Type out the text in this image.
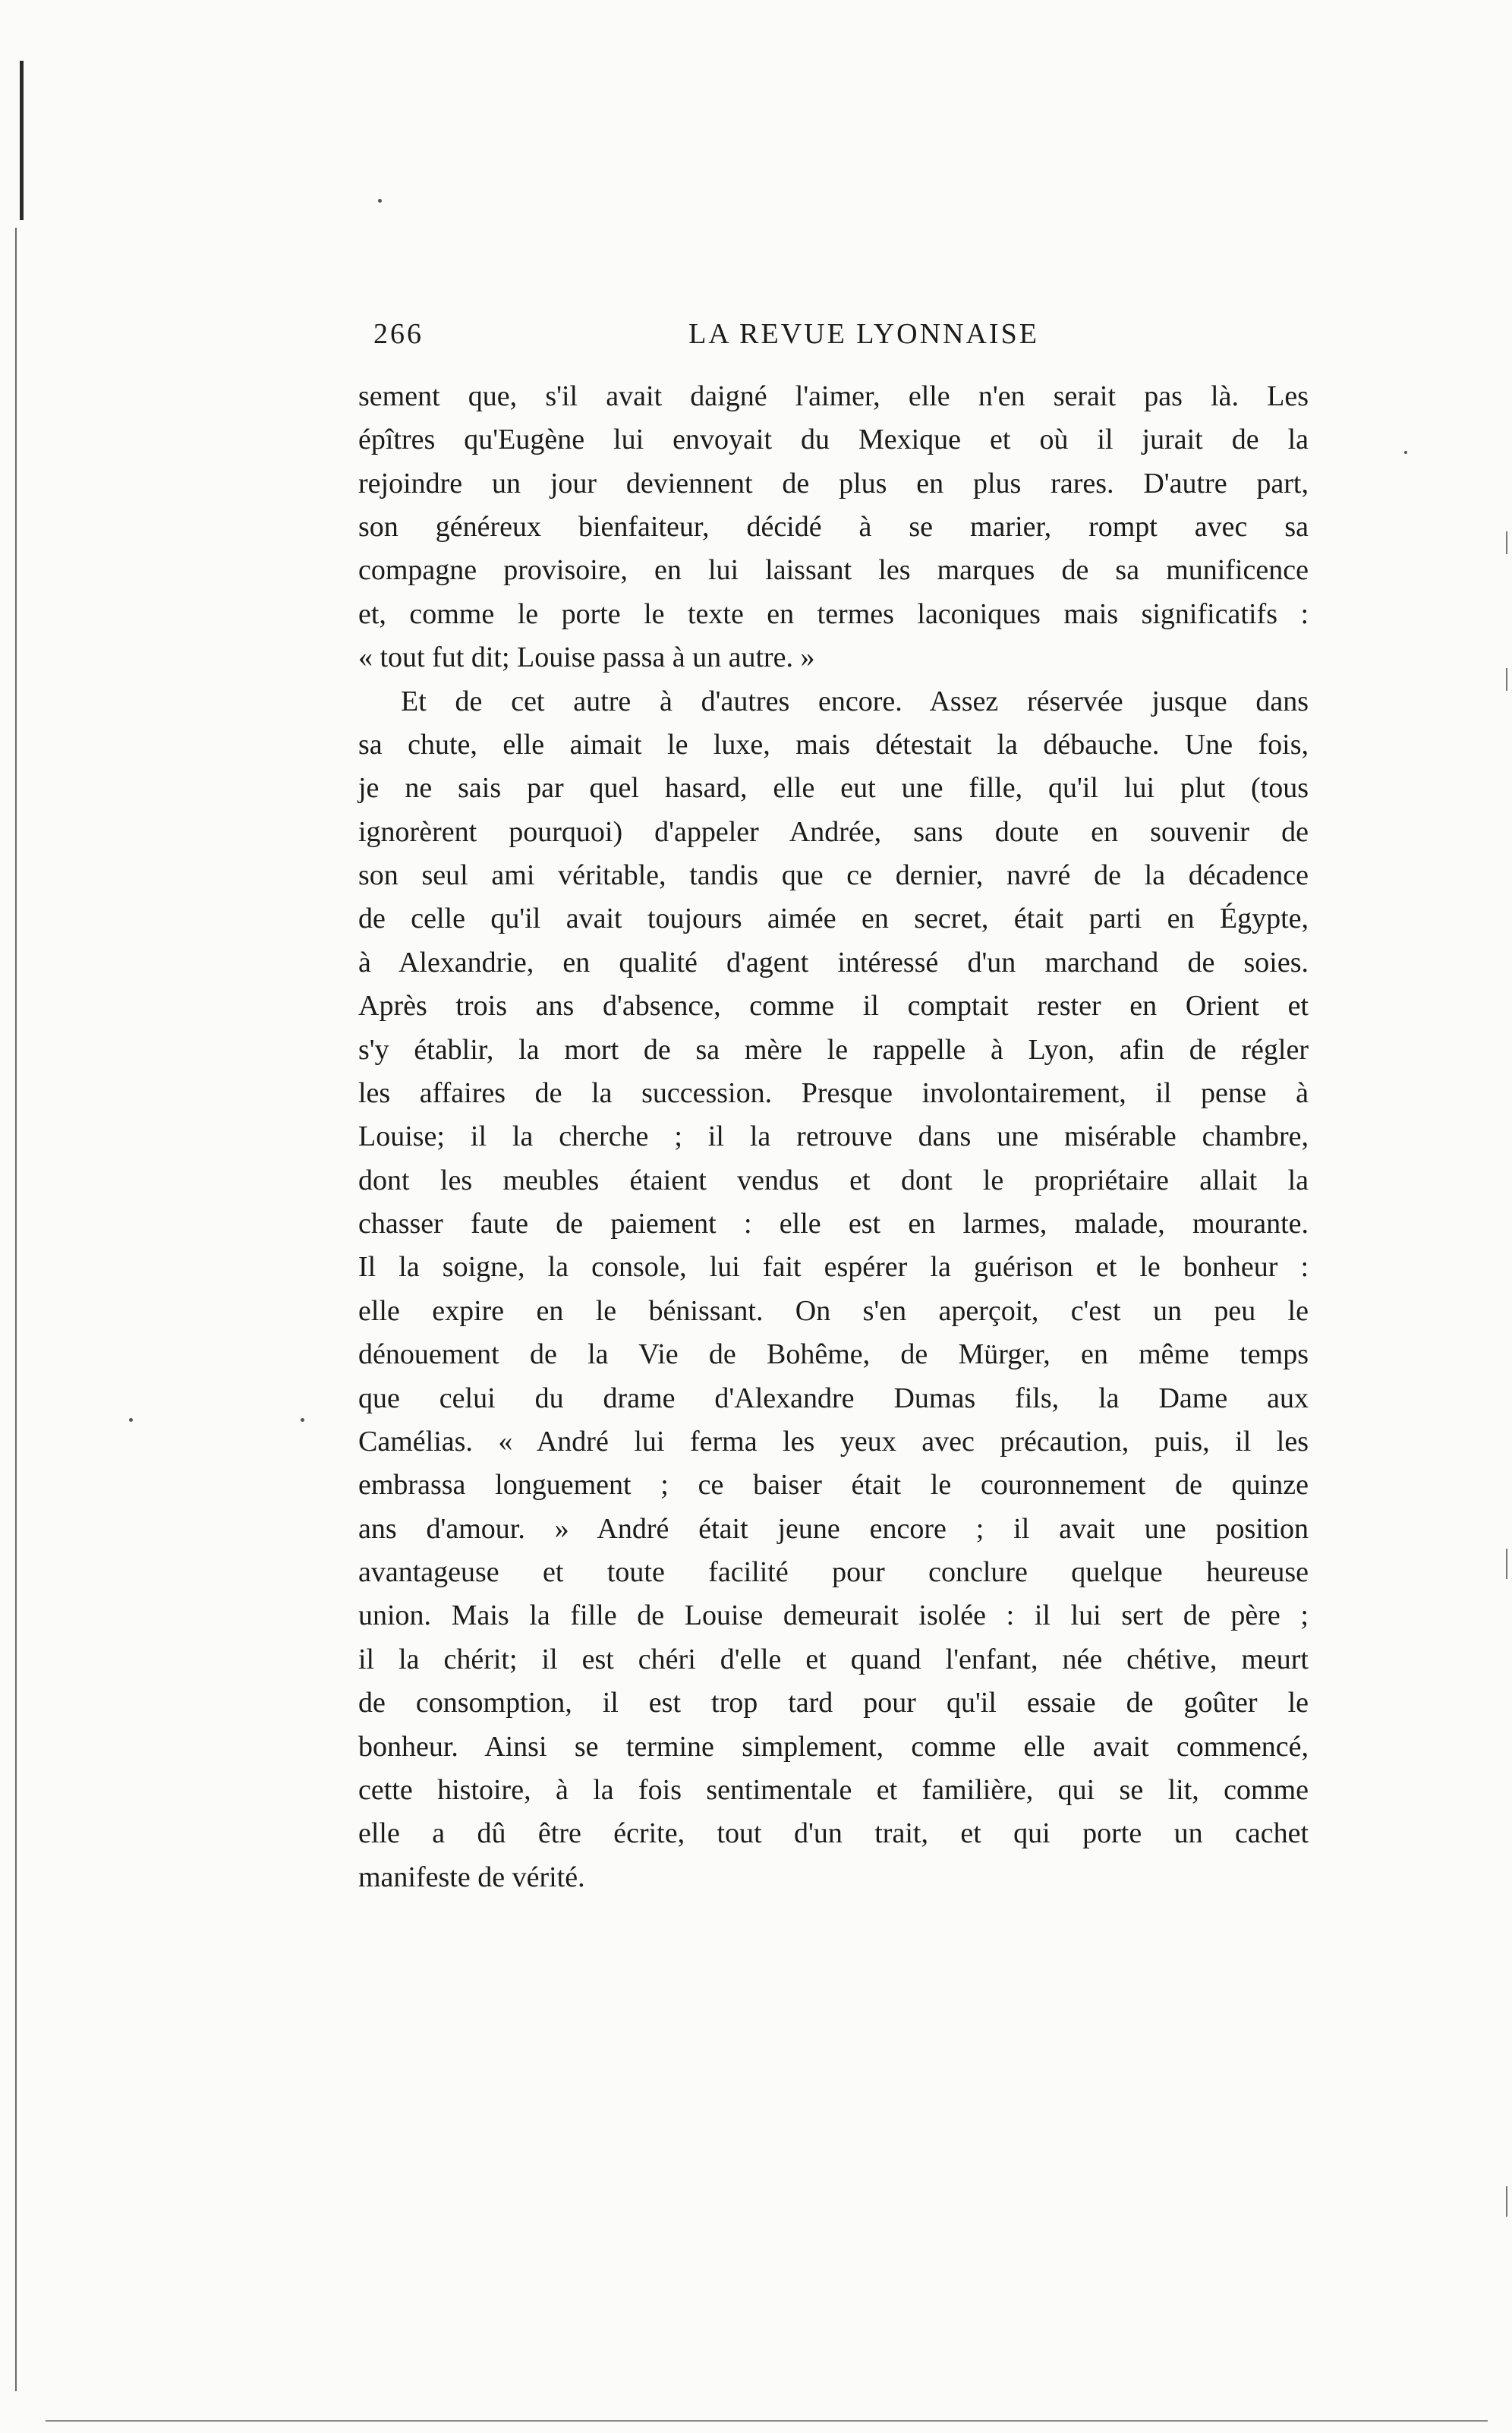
266	LA REVUE LYONNAISE
sement que, s'il avait daigné l'aimer, elle n'en serait pas là. Les
épîtres qu'Eugène lui envoyait du Mexique et où il jurait de la
rejoindre un jour deviennent de plus en plus rares. D'autre part,
son généreux bienfaiteur, décidé à se marier, rompt avec sa
compagne provisoire, en lui laissant les marques de sa munificence
et, comme le porte le texte en termes laconiques mais significatifs :
« tout fut dit; Louise passa à un autre. »
Et de cet autre à d'autres encore. Assez réservée jusque dans
sa chute, elle aimait le luxe, mais détestait la débauche. Une fois,
je ne sais par quel hasard, elle eut une fille, qu'il lui plut (tous
ignorèrent pourquoi) d'appeler Andrée, sans doute en souvenir de
son seul ami véritable, tandis que ce dernier, navré de la décadence
de celle qu'il avait toujours aimée en secret, était parti en Égypte,
à Alexandrie, en qualité d'agent intéressé d'un marchand de soies.
Après trois ans d'absence, comme il comptait rester en Orient et
s'y établir, la mort de sa mère le rappelle à Lyon, afin de régler
les affaires de la succession. Presque involontairement, il pense à
Louise; il la cherche ; il la retrouve dans une misérable chambre,
dont les meubles étaient vendus et dont le propriétaire allait la
chasser faute de paiement : elle est en larmes, malade, mourante.
Il la soigne, la console, lui fait espérer la guérison et le bonheur :
elle expire en le bénissant. On s'en aperçoit, c'est un peu le
dénouement de la Vie de Bohême, de Mürger, en même temps
que celui du drame d'Alexandre Dumas fils, la Dame aux
Camélias. « André lui ferma les yeux avec précaution, puis, il les
embrassa longuement ; ce baiser était le couronnement de quinze
ans d'amour. » André était jeune encore ; il avait une position
avantageuse et toute facilité pour conclure quelque heureuse
union. Mais la fille de Louise demeurait isolée : il lui sert de père ;
il la chérit; il est chéri d'elle et quand l'enfant, née chétive, meurt
de consomption, il est trop tard pour qu'il essaie de goûter le
bonheur. Ainsi se termine simplement, comme elle avait commencé,
cette histoire, à la fois sentimentale et familière, qui se lit, comme
elle a dû être écrite, tout d'un trait, et qui porte un cachet
manifeste de vérité.
